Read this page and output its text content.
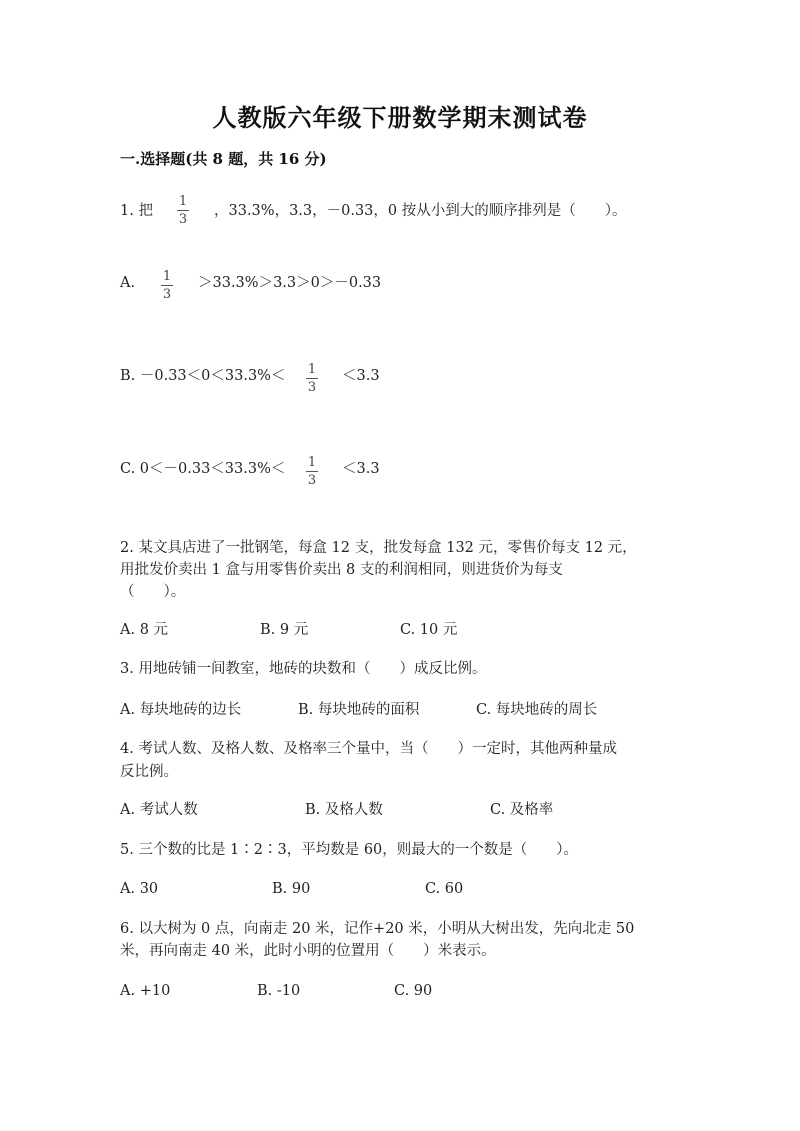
人教版六年级下册数学期末测试卷
一.选择题(共 8 题，共 16 分)
1. 把
1
3
，33.3%，3.3，－0.33，0 按从小到大的顺序排列是（　　）。
A. 1
3
＞33.3%＞3.3＞0＞－0.33
B. －0.33＜0＜33.3%＜ 1
3
＜3.3
C. 0＜－0.33＜33.3%＜ 1
3
＜3.3
2. 某文具店进了一批钢笔，每盒 12 支，批发每盒 132 元，零售价每支 12 元，
用批发价卖出 1 盒与用零售价卖出 8 支的利润相同，则进货价为每支
（　　）。
A. 8 元	B. 9 元	C. 10 元
3. 用地砖铺一间教室，地砖的块数和（　　）成反比例。
A. 每块地砖的边长	B. 每块地砖的面积	C. 每块地砖的周长
4. 考试人数、及格人数、及格率三个量中，当（　　）一定时，其他两种量成
反比例。
A. 考试人数	B. 及格人数	C. 及格率
5. 三个数的比是 1∶2∶3，平均数是 60，则最大的一个数是（　　）。
A. 30	B. 90	C. 60
6. 以大树为 0 点，向南走 20 米，记作+20 米，小明从大树出发，先向北走 50
米，再向南走 40 米，此时小明的位置用（　　）米表示。
A. +10	B. -10	C. 90
